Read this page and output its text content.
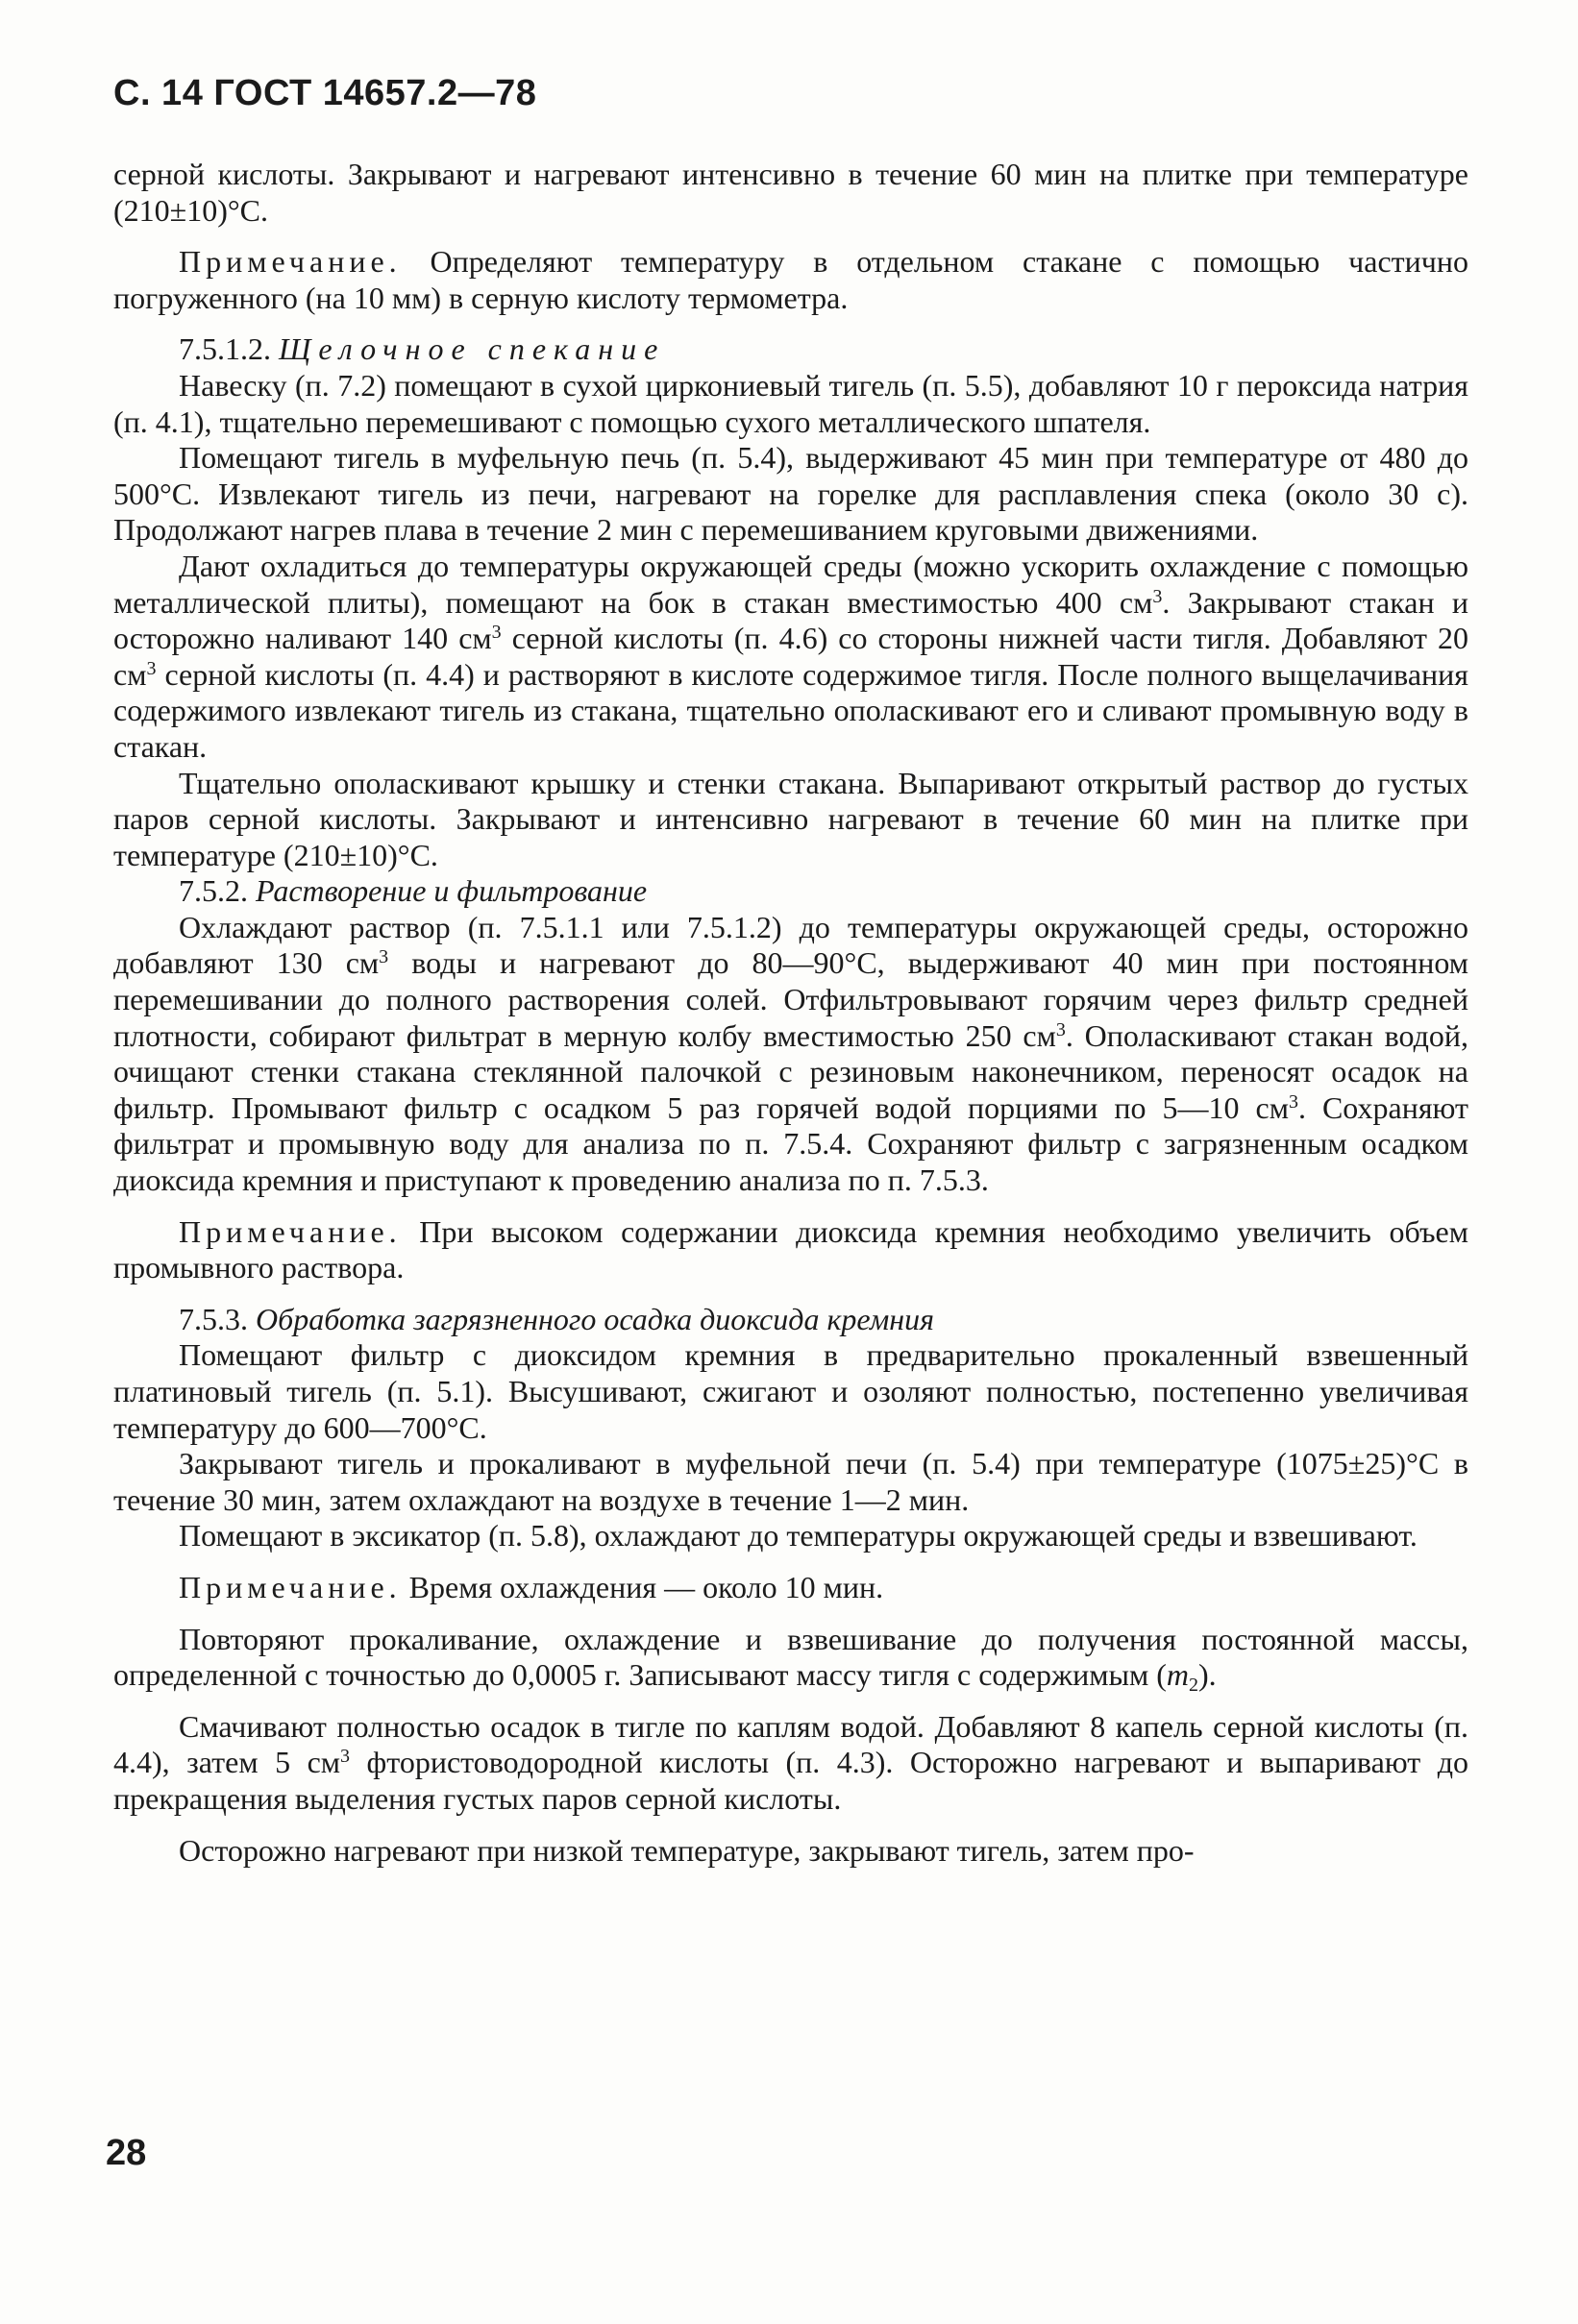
С. 14 ГОСТ 14657.2—78

серной кислоты. Закрывают и нагревают интенсивно в течение 60 мин на плитке при температуре (210±10)°С.

Примечание. Определяют температуру в отдельном стакане с помощью частично погруженного (на 10 мм) в серную кислоту термометра.

7.5.1.2. Щелочное спекание

Навеску (п. 7.2) помещают в сухой циркониевый тигель (п. 5.5), добавляют 10 г пероксида натрия (п. 4.1), тщательно перемешивают с помощью сухого металлического шпателя.

Помещают тигель в муфельную печь (п. 5.4), выдерживают 45 мин при температуре от 480 до 500°С. Извлекают тигель из печи, нагревают на горелке для расплавления спека (около 30 с). Продолжают нагрев плава в течение 2 мин с перемешиванием круговыми движениями.

Дают охладиться до температуры окружающей среды (можно ускорить охлаждение с помощью металлической плиты), помещают на бок в стакан вместимостью 400 $см^3$. Закрывают стакан и осторожно наливают 140 $см^3$ серной кислоты (п. 4.6) со стороны нижней части тигля. Добавляют 20 $см^3$ серной кислоты (п. 4.4) и растворяют в кислоте содержимое тигля. После полного выщелачивания содержимого извлекают тигель из стакана, тщательно ополаскивают его и сливают промывную воду в стакан.

Тщательно ополаскивают крышку и стенки стакана. Выпаривают открытый раствор до густых паров серной кислоты. Закрывают и интенсивно нагревают в течение 60 мин на плитке при температуре (210±10)°С.

7.5.2. Растворение и фильтрование

Охлаждают раствор (п. 7.5.1.1 или 7.5.1.2) до температуры окружающей среды, осторожно добавляют 130 $см^3$ воды и нагревают до 80—90°С, выдерживают 40 мин при постоянном перемешивании до полного растворения солей. Отфильтровывают горячим через фильтр средней плотности, собирают фильтрат в мерную колбу вместимостью 250 $см^3$. Ополаскивают стакан водой, очищают стенки стакана стеклянной палочкой с резиновым наконечником, переносят осадок на фильтр. Промывают фильтр с осадком 5 раз горячей водой порциями по 5—10 $см^3$. Сохраняют фильтрат и промывную воду для анализа по п. 7.5.4. Сохраняют фильтр с загрязненным осадком диоксида кремния и приступают к проведению анализа по п. 7.5.3.

Примечание. При высоком содержании диоксида кремния необходимо увеличить объем промывного раствора.

7.5.3. Обработка загрязненного осадка диоксида кремния

Помещают фильтр с диоксидом кремния в предварительно прокаленный взвешенный платиновый тигель (п. 5.1). Высушивают, сжигают и озоляют полностью, постепенно увеличивая температуру до 600—700°С.

Закрывают тигель и прокаливают в муфельной печи (п. 5.4) при температуре (1075±25)°С в течение 30 мин, затем охлаждают на воздухе в течение 1—2 мин.

Помещают в эксикатор (п. 5.8), охлаждают до температуры окружающей среды и взвешивают.

Примечание. Время охлаждения — около 10 мин.

Повторяют прокаливание, охлаждение и взвешивание до получения постоянной массы, определенной с точностью до 0,0005 г. Записывают массу тигля с содержимым $(m_2)$.

Смачивают полностью осадок в тигле по каплям водой. Добавляют 8 капель серной кислоты (п. 4.4), затем 5 $см^3$ фтористоводородной кислоты (п. 4.3). Осторожно нагревают и выпаривают до прекращения выделения густых паров серной кислоты.

Осторожно нагревают при низкой температуре, закрывают тигель, затем про-

28
